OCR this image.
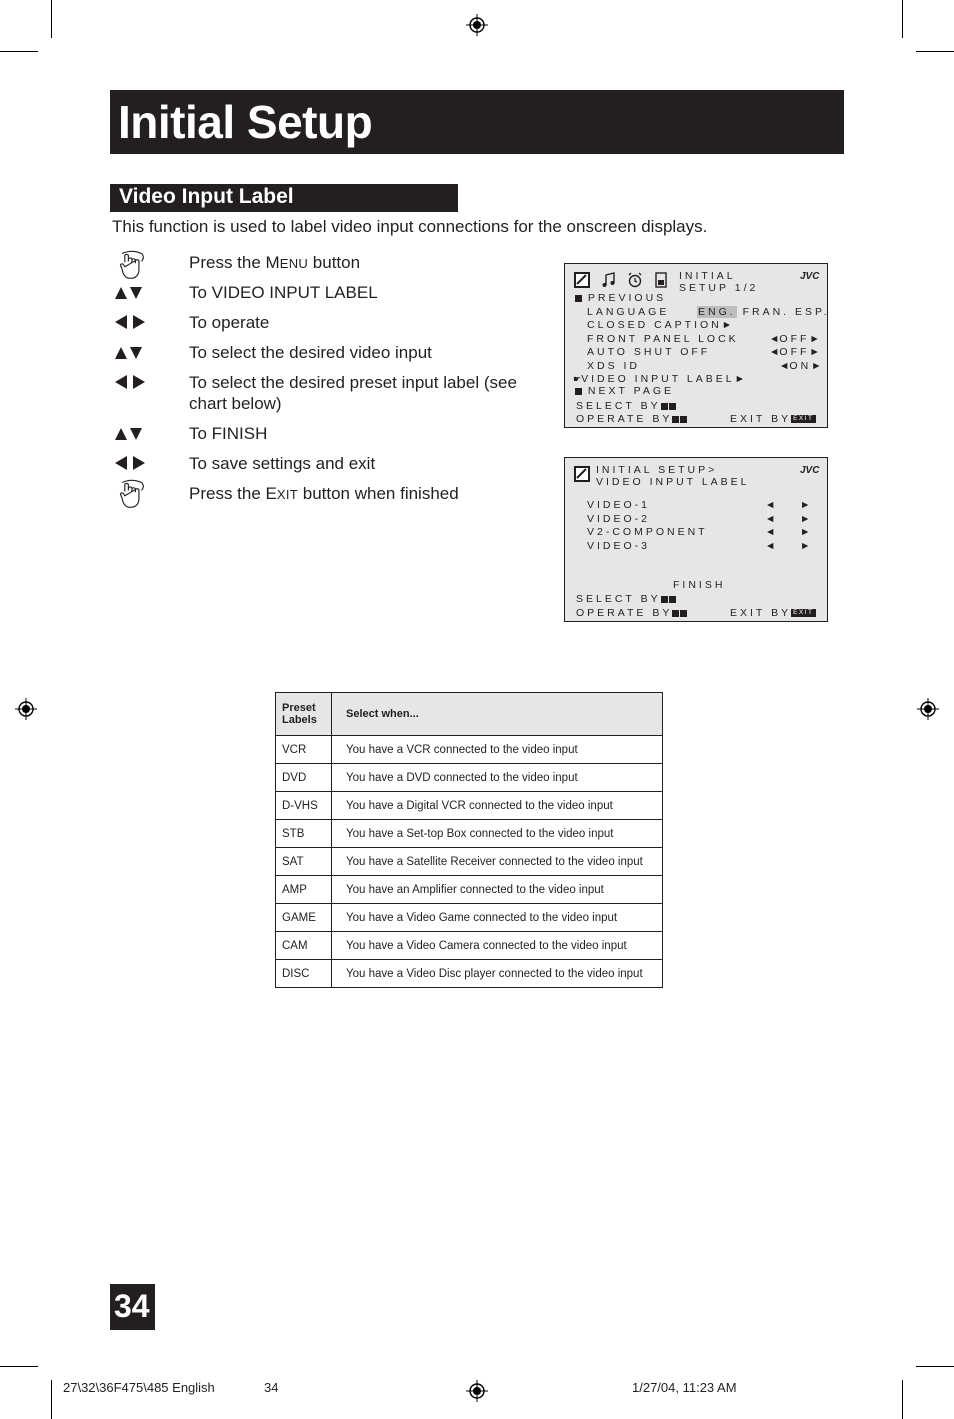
Initial Setup
Video Input Label
This function is used to label video input connections for the onscreen displays.
Press the MENU button
To VIDEO INPUT LABEL
To operate
To select the desired video input
To select the desired preset input label (see chart below)
To FINISH
To save settings and exit
Press the EXIT button when finished
INITIAL
SETUP 1/2
JVC
PREVIOUS
LANGUAGE	ENG. FRAN. ESP.
CLOSED CAPTION►
FRONT PANEL LOCK	◄OFF►
AUTO SHUT OFF	◄OFF►
XDS ID	◄ON►
☛VIDEO INPUT LABEL►
NEXT PAGE
SELECT BY
OPERATE BY	EXIT BY EXIT
INITIAL SETUP>
VIDEO INPUT LABEL
JVC
VIDEO-1
VIDEO-2
V2-COMPONENT
VIDEO-3
◄ ►
◄ ►
◄ ►
◄ ►
FINISH
SELECT BY
OPERATE BY	EXIT BY EXIT
Preset
Labels	Select when...
VCR	You have a VCR connected to the video input
DVD	You have a DVD connected to the video input
D-VHS	You have a Digital VCR connected to the video input
STB	You have a Set-top Box connected to the video input
SAT	You have a Satellite Receiver connected to the video input
AMP	You have an Amplifier connected to the video input
GAME	You have a Video Game connected to the video input
CAM	You have a Video Camera connected to the video input
DISC	You have a Video Disc player connected to the video input
34
27\32\36F475\485 English	34	1/27/04, 11:23 AM
